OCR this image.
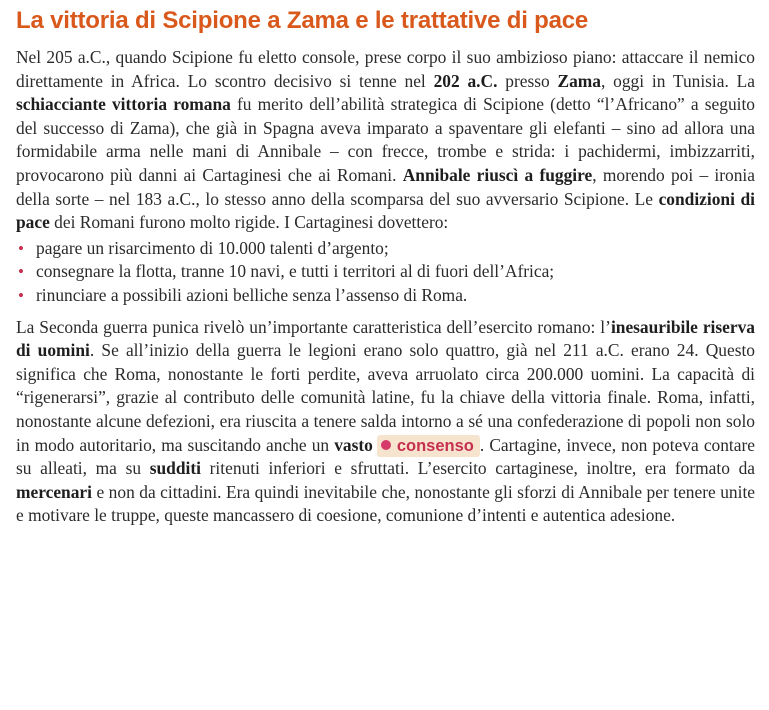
La vittoria di Scipione a Zama e le trattative di pace

Nel 205 a.C., quando Scipione fu eletto console, prese corpo il suo ambizioso piano: attaccare il nemico direttamente in Africa. Lo scontro decisivo si tenne nel 202 a.C. presso Zama, oggi in Tunisia. La schiacciante vittoria romana fu merito dell’abilità strategica di Scipione (detto “l’Africano” a seguito del successo di Zama), che già in Spagna aveva imparato a spaventare gli elefanti – sino ad allora una formidabile arma nelle mani di Annibale – con frecce, trombe e strida: i pachidermi, imbizzarriti, provocarono più danni ai Cartaginesi che ai Romani. Annibale riuscì a fuggire, morendo poi – ironia della sorte – nel 183 a.C., lo stesso anno della scomparsa del suo avversario Scipione. Le condizioni di pace dei Romani furono molto rigide. I Cartaginesi dovettero:

• pagare un risarcimento di 10.000 talenti d’argento;
• consegnare la flotta, tranne 10 navi, e tutti i territori al di fuori dell’Africa;
• rinunciare a possibili azioni belliche senza l’assenso di Roma.

La Seconda guerra punica rivelò un’importante caratteristica dell’esercito romano: l’inesauribile riserva di uomini. Se all’inizio della guerra le legioni erano solo quattro, già nel 211 a.C. erano 24. Questo significa che Roma, nonostante le forti perdite, aveva arruolato circa 200.000 uomini. La capacità di “rigenerarsi”, grazie al contributo delle comunità latine, fu la chiave della vittoria finale. Roma, infatti, nonostante alcune defezioni, era riuscita a tenere salda intorno a sé una confederazione di popoli non solo in modo autoritario, ma suscitando anche un vasto consenso . Cartagine, invece, non poteva contare su alleati, ma su sudditi ritenuti inferiori e sfruttati. L’esercito cartaginese, inoltre, era formato da mercenari e non da cittadini. Era quindi inevitabile che, nonostante gli sforzi di Annibale per tenere unite e motivare le truppe, queste mancassero di coesione, comunione d’intenti e autentica adesione.
